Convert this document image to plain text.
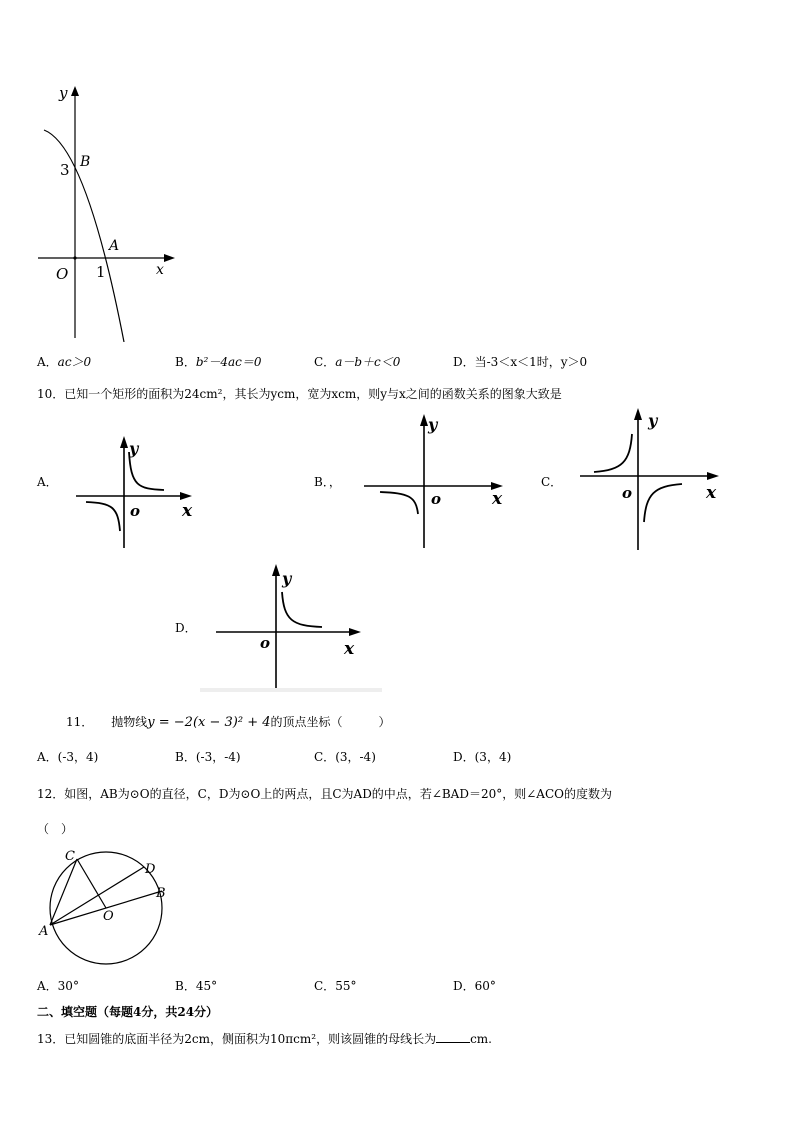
y
x
O
3 B
A
1
A．ac＞0	B．b²－4ac＝0	C．a－b＋c＜0	D．当-3＜x＜1时，y＞0
10．已知一个矩形的面积为24cm²，其长为ycm，宽为xcm，则y与x之间的函数关系的图象大致是
A．
y
x
o
B．，
y
x
o
C．
y
x
o
D．
y
x
o
11．　　抛物线y = −2(x − 3)² + 4的顶点坐标（　　　）
A．(-3，4)	B．(-3，-4)	C．(3，-4)	D．(3，4)
12．如图，AB为⊙O的直径，C，D为⊙O上的两点，且C为AD的中点，若∠BAD＝20°，则∠ACO的度数为
（　）
C
D
B
A
O
A．30°	B．45°	C．55°	D．60°
二、填空题（每题4分，共24分）
13．已知圆锥的底面半径为2cm，侧面积为10πcm²，则该圆锥的母线长为	cm.
